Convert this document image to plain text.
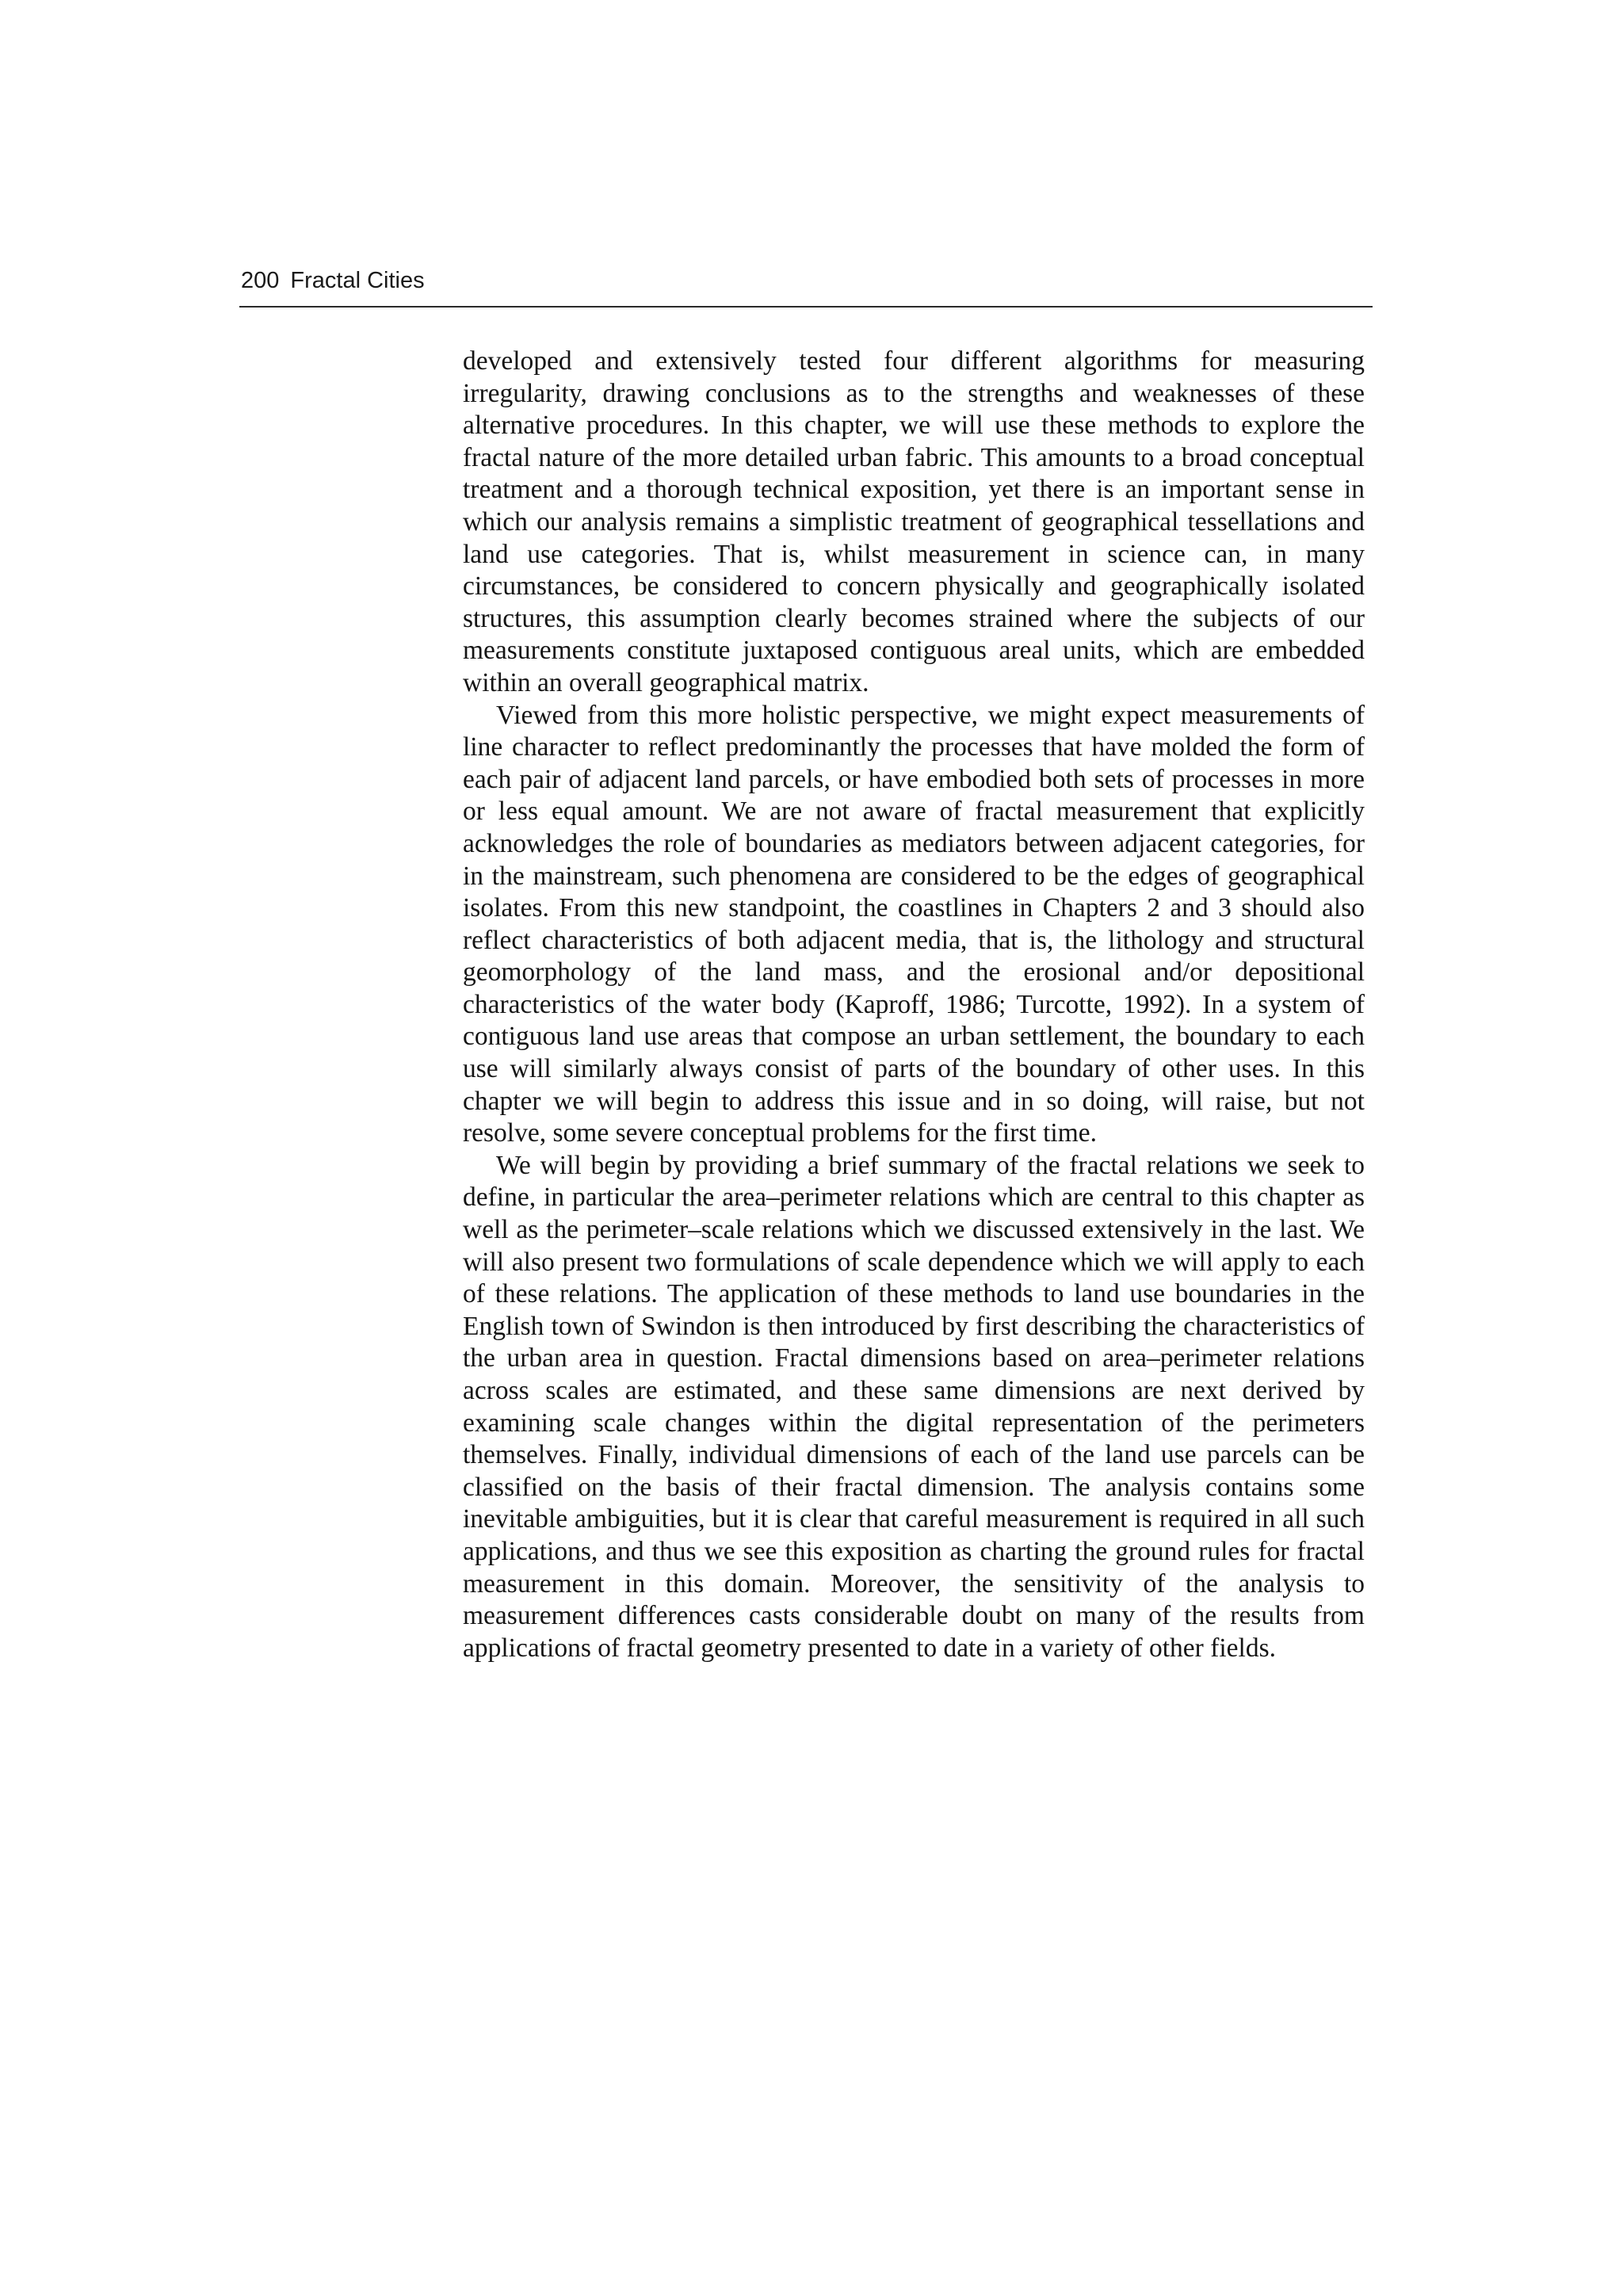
200 Fractal Cities

developed and extensively tested four different algorithms for measuring irregularity, drawing conclusions as to the strengths and weaknesses of these alternative procedures. In this chapter, we will use these methods to explore the fractal nature of the more detailed urban fabric. This amounts to a broad conceptual treatment and a thorough technical exposition, yet there is an important sense in which our analysis remains a simplistic treatment of geographical tessellations and land use categories. That is, whilst measurement in science can, in many circumstances, be considered to concern physically and geographically isolated structures, this assumption clearly becomes strained where the subjects of our measurements constitute juxtaposed contiguous areal units, which are embedded within an overall geographical matrix.

Viewed from this more holistic perspective, we might expect measurements of line character to reflect predominantly the processes that have molded the form of each pair of adjacent land parcels, or have embodied both sets of processes in more or less equal amount. We are not aware of fractal measurement that explicitly acknowledges the role of boundaries as mediators between adjacent categories, for in the mainstream, such phenomena are considered to be the edges of geographical isolates. From this new standpoint, the coastlines in Chapters 2 and 3 should also reflect characteristics of both adjacent media, that is, the lithology and structural geomorphology of the land mass, and the erosional and/or depositional characteristics of the water body (Kaproff, 1986; Turcotte, 1992). In a system of contiguous land use areas that compose an urban settlement, the boundary to each use will similarly always consist of parts of the boundary of other uses. In this chapter we will begin to address this issue and in so doing, will raise, but not resolve, some severe conceptual problems for the first time.

We will begin by providing a brief summary of the fractal relations we seek to define, in particular the area–perimeter relations which are central to this chapter as well as the perimeter–scale relations which we discussed extensively in the last. We will also present two formulations of scale dependence which we will apply to each of these relations. The application of these methods to land use boundaries in the English town of Swindon is then introduced by first describing the characteristics of the urban area in question. Fractal dimensions based on area–perimeter relations across scales are estimated, and these same dimensions are next derived by examining scale changes within the digital representation of the perimeters themselves. Finally, individual dimensions of each of the land use parcels can be classified on the basis of their fractal dimension. The analysis contains some inevitable ambiguities, but it is clear that careful measurement is required in all such applications, and thus we see this exposition as charting the ground rules for fractal measurement in this domain. Moreover, the sensitivity of the analysis to measurement differences casts considerable doubt on many of the results from applications of fractal geometry presented to date in a variety of other fields.
